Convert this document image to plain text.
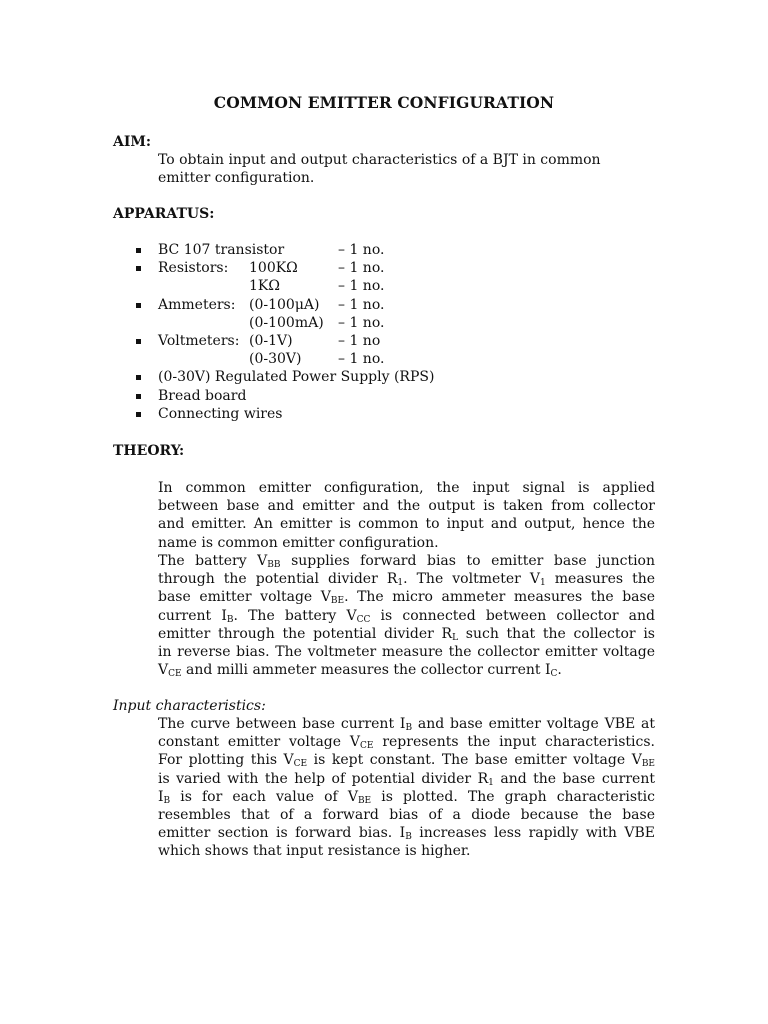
COMMON EMITTER CONFIGURATION
AIM:
To obtain input and output characteristics of a BJT in common
emitter configuration.
APPARATUS:
BC 107 transistor	– 1 no.
Resistors: 100KΩ	– 1 no.
1KΩ	– 1 no.
Ammeters: (0-100μA) – 1 no.
(0-100mA) – 1 no.
Voltmeters: (0-1V)	– 1 no
(0-30V)	– 1 no.
(0-30V) Regulated Power Supply (RPS)
Bread board
Connecting wires
THEORY:
In common emitter configuration, the input signal is applied
between base and emitter and the output is taken from collector
and emitter. An emitter is common to input and output, hence the
name is common emitter configuration.
The battery $V_{BB}$ supplies forward bias to emitter base junction
through the potential divider $R_1$. The voltmeter $V_1$ measures the
base emitter voltage $V_{BE}$. The micro ammeter measures the base
current $I_B$. The battery $V_{CC}$ is connected between collector and
emitter through the potential divider $R_L$ such that the collector is
in reverse bias. The voltmeter measure the collector emitter voltage
$V_{CE}$ and milli ammeter measures the collector current $I_C$.
Input characteristics:
The curve between base current $I_B$ and base emitter voltage VBE at
constant emitter voltage $V_{CE}$ represents the input characteristics.
For plotting this $V_{CE}$ is kept constant. The base emitter voltage $V_{BE}$
is varied with the help of potential divider $R_1$ and the base current
$I_B$ is for each value of $V_{BE}$ is plotted. The graph characteristic
resembles that of a forward bias of a diode because the base
emitter section is forward bias. $I_B$ increases less rapidly with VBE
which shows that input resistance is higher.
